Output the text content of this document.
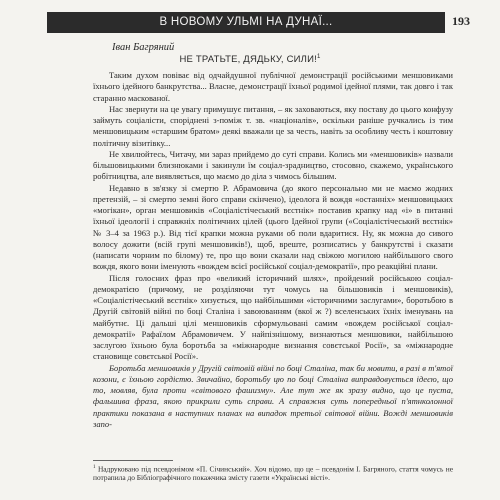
В НОВОМУ УЛЬМІ НА ДУНАЇ...	193
Іван Багряний
НЕ ТРАТЬТЕ, ДЯДЬКУ, СИЛИ!$^1$

Таким духом повіває від одчайдушної публічної демонстрації російськими меншовиками їхнього ідейного банкрутства... Власне, демонстрації їхньої родимої ідейної плями, так довго і так старанно маскованої.

Нас звернути на це увагу примушує питання, – як заховаються, яку поставу до цього конфузу займуть соціалісти, споріднені з-поміж т. зв. «націоналів», оскільки раніше ручкались із тим меншовицьким «старшим братом» деякі вважали це за честь, навіть за особливу честь і коштовну політичну візитівку...

Не хвилюйтесь, Читачу, ми зараз прийдемо до суті справи. Колись ми «меншовиків» назвали більшовицькими близнюками і закинули їм соціал-зрадництво, стосовно, скажемо, українського робітництва, але виявляється, що маємо до діла з чимось більшим.

Недавно в зв'язку зі смертю Р. Абрамовича (до якого персонально ми не маємо жодних претензій, – зі смертю земні його справи скінчено), ідеолога й вождя «останніх» меншовицьких «могікан», орган меншовиків «Соціалістічеський вєстнік» поставив крапку над «і» в питанні їхньої ідеології і справжніх політичних цілей (цього Ідейної групи («Соціалістічеський вєстнік» № 3–4 за 1963 р.). Від тієї крапки можна руками об поли вдаритися. Ну, як можна до сивого волосу дожити (всій групі меншовиків!), щоб, вреште, розписатись у банкрутстві і сказати (написати чорним по білому) те, про що вони сказали над свіжою могилою найбільшого свого вождя, якого вони іменують «вождем всієї російської соціал-демократії», про реакційні плани.

Після голосних фраз про «великий історичний шлях», пройдений російською соціал-демократією (причому, не розділяючи тут чомусь на більшовиків і меншовиків), «Соціалістічеський вєстнік» хизується, що найбільшими «історичними заслугами», боротьбою в Другій світовій війні по боці Сталіна і завоюванням (вкої ж ?) вселенських їхніх іменувань на майбутнє. Ці дальші цілі меншовиків сформульовані самим «вождем російської соціал-демократії» Рафаїлом Абрамовичем. У найпізнішому, визнаються меншовики, найбільшою заслугою їхньою була боротьба за «міжнародне визнання совєтської Росії», за «міжнародне становище совєтської Росії».

Боротьба меншовиків у Другій світовій війні по боці Сталіна, так би мовити, в разі в т'ятої козони, є їхньою гордістю. Звичайно, боротьбу цю по боці Сталіна виправдовується ідеєю, що то, мовляв, була проти «світового фашизму». Але тут же як зразу видно, що це пуста, фальшива фраза, якою прикрили суть справи. А справжня суть попередньої п'ятнколонної практики показана в наступних планах на випадок третьої світової війни. Вожді меншовиків запо-

$^1$ Надруковано під псевдонімом «П. Січинський». Хоч відомо, що це – псевдонім І. Багряного, стаття чомусь не потрапила до Бібліографічного покажчика змісту газети «Українські вісті».
